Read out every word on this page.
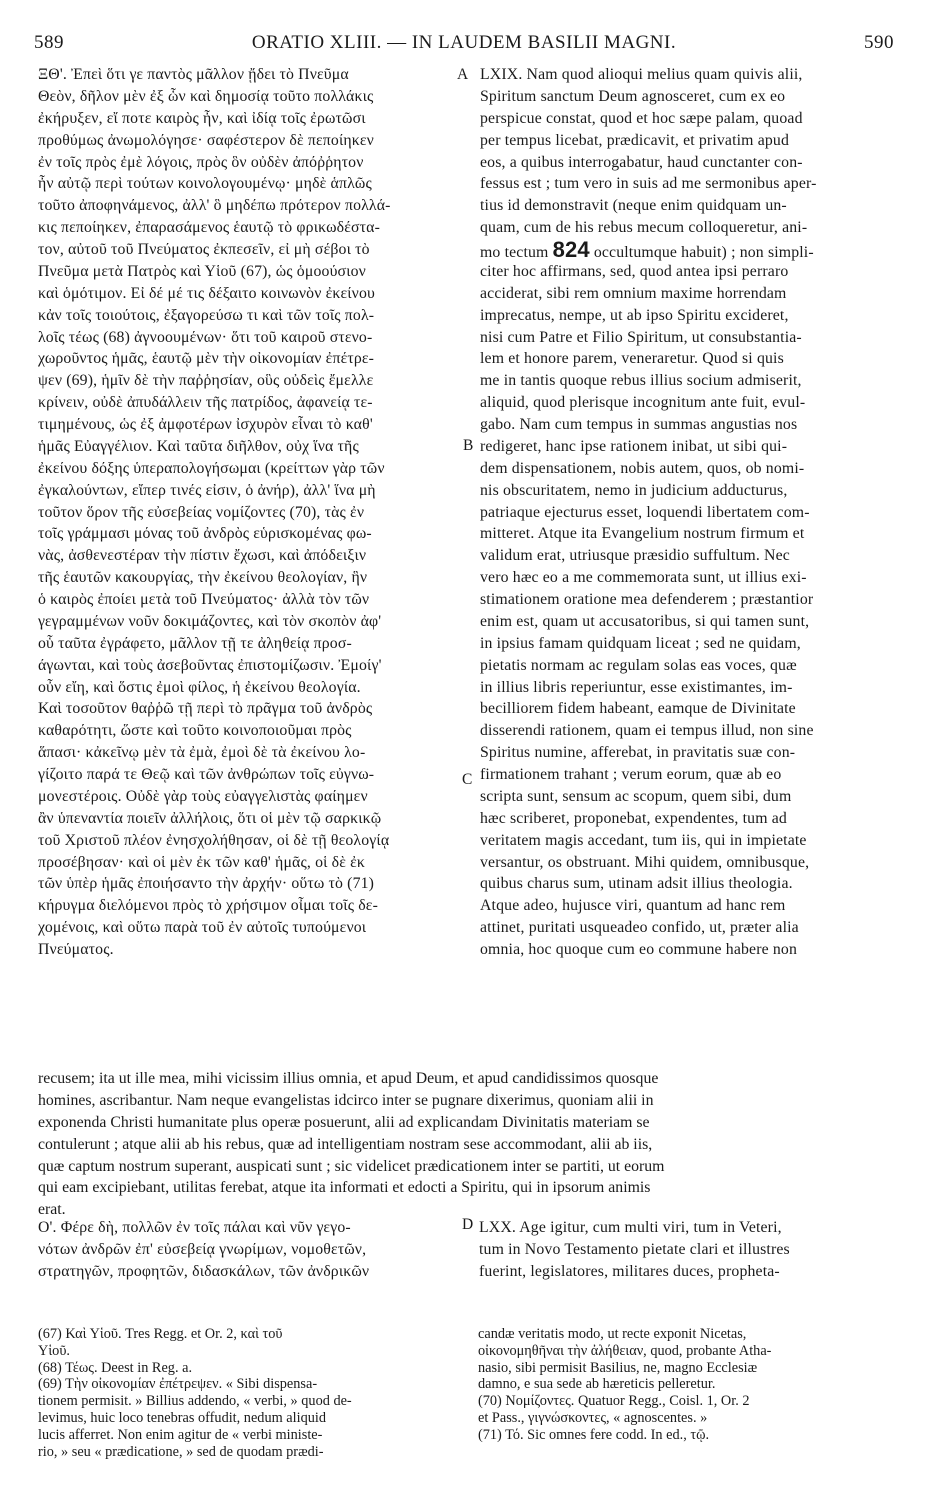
589	ORATIO XLIII. — IN LAUDEM BASILII MAGNI.	590
ΞΘ'. Ἐπεὶ ὅτι γε παντὸς μᾶλλον ᾔδει τὸ Πνεῦμα
Θεὸν, δῆλον μὲν ἐξ ὧν καὶ δημοσίᾳ τοῦτο πολλάκις
ἐκήρυξεν, εἴ ποτε καιρὸς ἦν, καὶ ἰδίᾳ τοῖς ἐρωτῶσι
προθύμως ἀνωμολόγησε· σαφέστερον δὲ πεποίηκεν
ἐν τοῖς πρὸς ἐμὲ λόγοις, πρὸς ὃν οὐδὲν ἀπόῤῥητον
ἦν αὐτῷ περὶ τούτων κοινολογουμένῳ· μηδὲ ἁπλῶς
τοῦτο ἀποφηνάμενος, ἀλλ' ὃ μηδέπω πρότερον πολλά-
κις πεποίηκεν, ἐπαρασάμενος ἑαυτῷ τὸ φρικωδέστα-
τον, αὐτοῦ τοῦ Πνεύματος ἐκπεσεῖν, εἰ μὴ σέβοι τὸ
Πνεῦμα μετὰ Πατρὸς καὶ Υἱοῦ (67), ὡς ὁμοούσιον
καὶ ὁμότιμον. Εἰ δέ μέ τις δέξαιτο κοινωνὸν ἐκείνου
κἀν τοῖς τοιούτοις, ἐξαγορεύσω τι καὶ τῶν τοῖς πολ-
λοῖς τέως (68) ἀγνοουμένων· ὅτι τοῦ καιροῦ στενο-
χωροῦντος ἡμᾶς, ἑαυτῷ μὲν τὴν οἰκονομίαν ἐπέτρε-
ψεν (69), ἡμῖν δὲ τὴν παῤῥησίαν, οὓς οὐδεὶς ἔμελλε
κρίνειν, οὐδὲ ἀπυδάλλειν τῆς πατρίδος, ἀφανείᾳ τε-
τιμημένους, ὡς ἐξ ἀμφοτέρων ἰσχυρὸν εἶναι τὸ καθ'
ἡμᾶς Εὐαγγέλιον. Καὶ ταῦτα διῆλθον, οὐχ ἵνα τῆς
ἐκείνου δόξης ὑπεραπολογήσωμαι (κρείττων γὰρ τῶν
ἐγκαλούντων, εἴπερ τινές εἰσιν, ὁ ἀνήρ), ἀλλ' ἵνα μὴ
τοῦτον ὅρον τῆς εὐσεβείας νομίζοντες (70), τὰς ἐν
τοῖς γράμμασι μόνας τοῦ ἀνδρὸς εὑρισκομένας φω-
νὰς, ἀσθενεστέραν τὴν πίστιν ἔχωσι, καὶ ἀπόδειξιν
τῆς ἑαυτῶν κακουργίας, τὴν ἐκείνου θεολογίαν, ἣν
ὁ καιρὸς ἐποίει μετὰ τοῦ Πνεύματος· ἀλλὰ τὸν τῶν
γεγραμμένων νοῦν δοκιμάζοντες, καὶ τὸν σκοπὸν ἀφ'
οὗ ταῦτα ἐγράφετο, μᾶλλον τῇ τε ἀληθείᾳ προσ-
άγωνται, καὶ τοὺς ἀσεβοῦντας ἐπιστομίζωσιν. Ἐμοίγ'
οὖν εἴη, καὶ ὅστις ἐμοὶ φίλος, ἡ ἐκείνου θεολογία.
Καὶ τοσοῦτον θαῤῥῶ τῇ περὶ τὸ πρᾶγμα τοῦ ἀνδρὸς
καθαρότητι, ὥστε καὶ τοῦτο κοινοποιοῦμαι πρὸς
ἅπασι· κἀκεῖνῳ μὲν τὰ ἐμὰ, ἐμοὶ δὲ τὰ ἐκείνου λο-
γίζοιτο παρά τε Θεῷ καὶ τῶν ἀνθρώπων τοῖς εὐγνω-
μονεστέροις. Οὐδὲ γὰρ τοὺς εὐαγγελιστὰς φαίημεν
ἂν ὑπεναντία ποιεῖν ἀλλήλοις, ὅτι οἱ μὲν τῷ σαρκικῷ
τοῦ Χριστοῦ πλέον ἐνησχολήθησαν, οἱ δὲ τῇ θεολογίᾳ
προσέβησαν· καὶ οἱ μὲν ἐκ τῶν καθ' ἡμᾶς, οἱ δὲ ἐκ
τῶν ὑπὲρ ἡμᾶς ἐποιήσαντο τὴν ἀρχήν· οὕτω τὸ (71)
κήρυγμα διελόμενοι πρὸς τὸ χρήσιμον οἶμαι τοῖς δε-
χομένοις, καὶ οὕτω παρὰ τοῦ ἐν αὐτοῖς τυπούμενοι
Πνεύματος.
LXIX. Nam quod alioqui melius quam quivis alii,
Spiritum sanctum Deum agnosceret, cum ex eo
perspicue constat, quod et hoc sæpe palam, quoad
per tempus licebat, prædicavit, et privatim apud
eos, a quibus interrogabatur, haud cunctanter con-
fessus est ; tum vero in suis ad me sermonibus aper-
tius id demonstravit (neque enim quidquam un-
quam, cum de his rebus mecum colloqueretur, ani-
mo tectum 824 occultumque habuit) ; non simpli-
citer hoc affirmans, sed, quod antea ipsi perraro
acciderat, sibi rem omnium maxime horrendam
imprecatus, nempe, ut ab ipso Spiritu excideret,
nisi cum Patre et Filio Spiritum, ut consubstantia-
lem et honore parem, veneraretur. Quod si quis
me in tantis quoque rebus illius socium admiserit,
aliquid, quod plerisque incognitum ante fuit, evul-
gabo. Nam cum tempus in summas angustias nos
redigeret, hanc ipse rationem inibat, ut sibi qui-
dem dispensationem, nobis autem, quos, ob nomi-
nis obscuritatem, nemo in judicium adducturus,
patriaque ejecturus esset, loquendi libertatem com-
mitteret. Atque ita Evangelium nostrum firmum et
validum erat, utriusque præsidio suffultum. Nec
vero hæc eo a me commemorata sunt, ut illius exi-
stimationem oratione mea defenderem ; præstantior
enim est, quam ut accusatoribus, si qui tamen sunt,
in ipsius famam quidquam liceat ; sed ne quidam,
pietatis normam ac regulam solas eas voces, quæ
in illius libris reperiuntur, esse existimantes, im-
becilliorem fidem habeant, eamque de Divinitate
disserendi rationem, quam ei tempus illud, non sine
Spiritus numine, afferebat, in pravitatis suæ con-
firmationem trahant ; verum eorum, quæ ab eo
scripta sunt, sensum ac scopum, quem sibi, dum
hæc scriberet, proponebat, expendentes, tum ad
veritatem magis accedant, tum iis, qui in impietate
versantur, os obstruant. Mihi quidem, omnibusque,
quibus charus sum, utinam adsit illius theologia.
Atque adeo, hujusce viri, quantum ad hanc rem
attinet, puritati usqueadeo confido, ut, præter alia
omnia, hoc quoque cum eo commune habere non
A
B
C
D
recusem; ita ut ille mea, mihi vicissim illius omnia, et apud Deum, et apud candidissimos quosque
homines, ascribantur. Nam neque evangelistas idcirco inter se pugnare dixerimus, quoniam alii in
exponenda Christi humanitate plus operæ posuerunt, alii ad explicandam Divinitatis materiam se
contulerunt ; atque alii ab his rebus, quæ ad intelligentiam nostram sese accommodant, alii ab iis,
quæ captum nostrum superant, auspicati sunt ; sic videlicet prædicationem inter se partiti, ut eorum
qui eam excipiebant, utilitas ferebat, atque ita informati et edocti a Spiritu, qui in ipsorum animis
erat.
Ο'. Φέρε δὴ, πολλῶν ἐν τοῖς πάλαι καὶ νῦν γεγο-
νότων ἀνδρῶν ἐπ' εὐσεβείᾳ γνωρίμων, νομοθετῶν,
στρατηγῶν, προφητῶν, διδασκάλων, τῶν ἀνδρικῶν
LXX. Age igitur, cum multi viri, tum in Veteri,
tum in Novo Testamento pietate clari et illustres
fuerint, legislatores, militares duces, propheta-
(67) Καὶ Υἱοῦ. Tres Regg. et Or. 2, καὶ τοῦ
Υἱοῦ.
(68) Τέως. Deest in Reg. a.
(69) Τὴν οἰκονομίαν ἐπέτρεψεν. « Sibi dispensa-
tionem permisit. » Billius addendo, « verbi, » quod de-
levimus, huic loco tenebras offudit, nedum aliquid
lucis afferret. Non enim agitur de « verbi ministe-
rio, » seu « prædicatione, » sed de quodam prædi-
candæ veritatis modo, ut recte exponit Nicetas,
οἰκονομηθῆναι τὴν ἀλήθειαν, quod, probante Atha-
nasio, sibi permisit Basilius, ne, magno Ecclesiæ
damno, e sua sede ab hæreticis pelleretur.
(70) Νομίζοντες. Quatuor Regg., Coisl. 1, Or. 2
et Pass., γιγνώσκοντες, « agnoscentes. »
(71) Τό. Sic omnes fere codd. In ed., τῷ.
